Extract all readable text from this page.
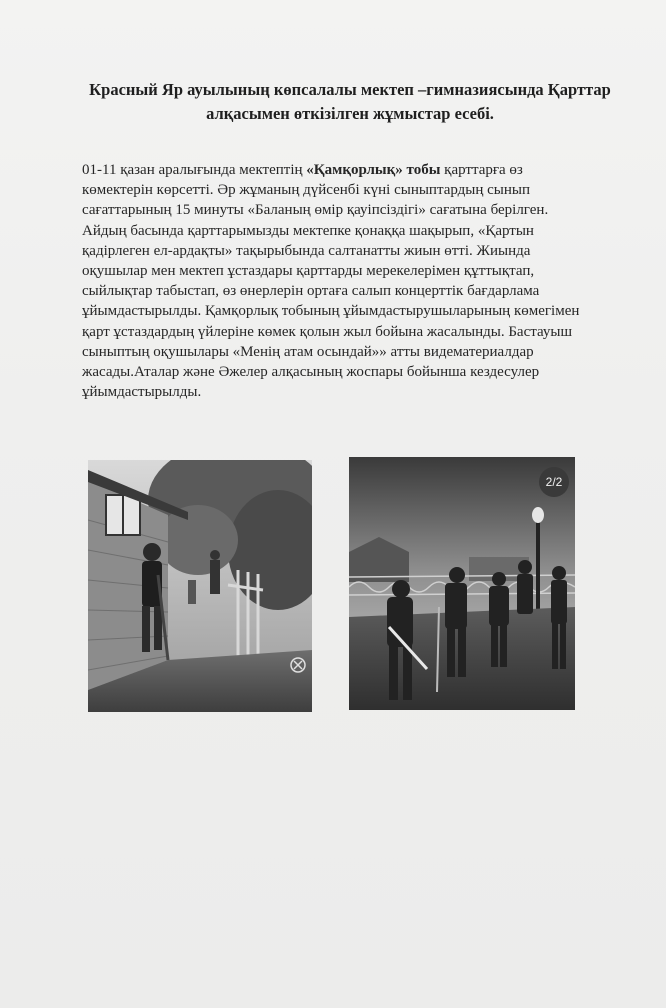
Красный Яр ауылының көпсалалы мектеп –гимназиясында Қарттар
алқасымен өткізілген жұмыстар есебі.
01-11 қазан аралығында мектептің «Қамқорлық» тобы қарттарға өз
көмектерін көрсетті. Әр жұманың дүйсенбі күні сыныптардың сынып
сағаттарының 15 минуты «Баланың өмір қауіпсіздігі» сағатына берілген.
Айдың басында қарттарымызды мектепке қонаққа шақырып, «Қартын
қадірлеген ел-ардақты» тақырыбында салтанатты жиын өтті. Жиында
оқушылар мен мектеп ұстаздары қарттарды мерекелерімен құттықтап,
сыйлықтар табыстап, өз өнерлерін ортаға салып концерттік бағдарлама
ұйымдастырылды. Қамқорлық тобының ұйымдастырушыларының көмегімен
қарт ұстаздардың үйлеріне көмек қолын жыл бойына жасалынды. Бастауыш
сыныптың оқушылары «Менің атам осындай»» атты видематериалдар
жасады.Аталар және Әжелер алқасының жоспары бойынша кездесулер
ұйымдастырылды.
2/2
